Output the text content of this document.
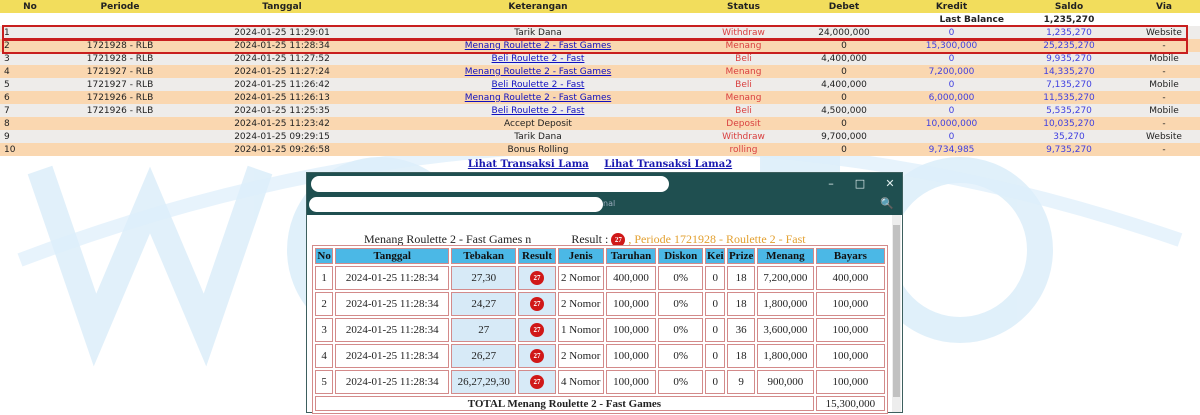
No	Periode	Tanggal	Keterangan	Status	Debet	Kredit	Saldo	Via
Last Balance							1,235,270	
1		2024-01-25 11:29:01	Tarik Dana	Withdraw	24,000,000	0	1,235,270	Website
2	1721928 - RLB	2024-01-25 11:28:34	Menang Roulette 2 - Fast Games	Menang	0	15,300,000	25,235,270	-
3	1721928 - RLB	2024-01-25 11:27:52	Beli Roulette 2 - Fast	Beli	4,400,000	0	9,935,270	Mobile
4	1721927 - RLB	2024-01-25 11:27:24	Menang Roulette 2 - Fast Games	Menang	0	7,200,000	14,335,270	-
5	1721927 - RLB	2024-01-25 11:26:42	Beli Roulette 2 - Fast	Beli	4,400,000	0	7,135,270	Mobile
6	1721926 - RLB	2024-01-25 11:26:13	Menang Roulette 2 - Fast Games	Menang	0	6,000,000	11,535,270	-
7	1721926 - RLB	2024-01-25 11:25:35	Beli Roulette 2 - Fast	Beli	4,500,000	0	5,535,270	Mobile
8		2024-01-25 11:23:42	Accept Deposit	Deposit	0	10,000,000	10,035,270	-
9		2024-01-25 09:29:15	Tarik Dana	Withdraw	9,700,000	0	35,270	Website
10		2024-01-25 09:26:58	Bonus Rolling	rolling	0	9,734,985	9,735,270	-
Lihat Transaksi Lama Lihat Transaksi Lama2
–	□	✕
nal	🔍
Menang Roulette 2 - Fast Games n	Result : 27 , Periode 1721928 - Roulette 2 - Fast
No	Tanggal	Tebakan	Result	Jenis	Taruhan	Diskon	Kei	Prize	Menang	Bayars
1	2024-01-25 11:28:34	27,30	27	2 Nomor	400,000	0%	0	18	7,200,000	400,000
2	2024-01-25 11:28:34	24,27	27	2 Nomor	100,000	0%	0	18	1,800,000	100,000
3	2024-01-25 11:28:34	27	27	1 Nomor	100,000	0%	0	36	3,600,000	100,000
4	2024-01-25 11:28:34	26,27	27	2 Nomor	100,000	0%	0	18	1,800,000	100,000
5	2024-01-25 11:28:34	26,27,29,30	27	4 Nomor	100,000	0%	0	9	900,000	100,000
TOTAL Menang Roulette 2 - Fast Games										15,300,000
